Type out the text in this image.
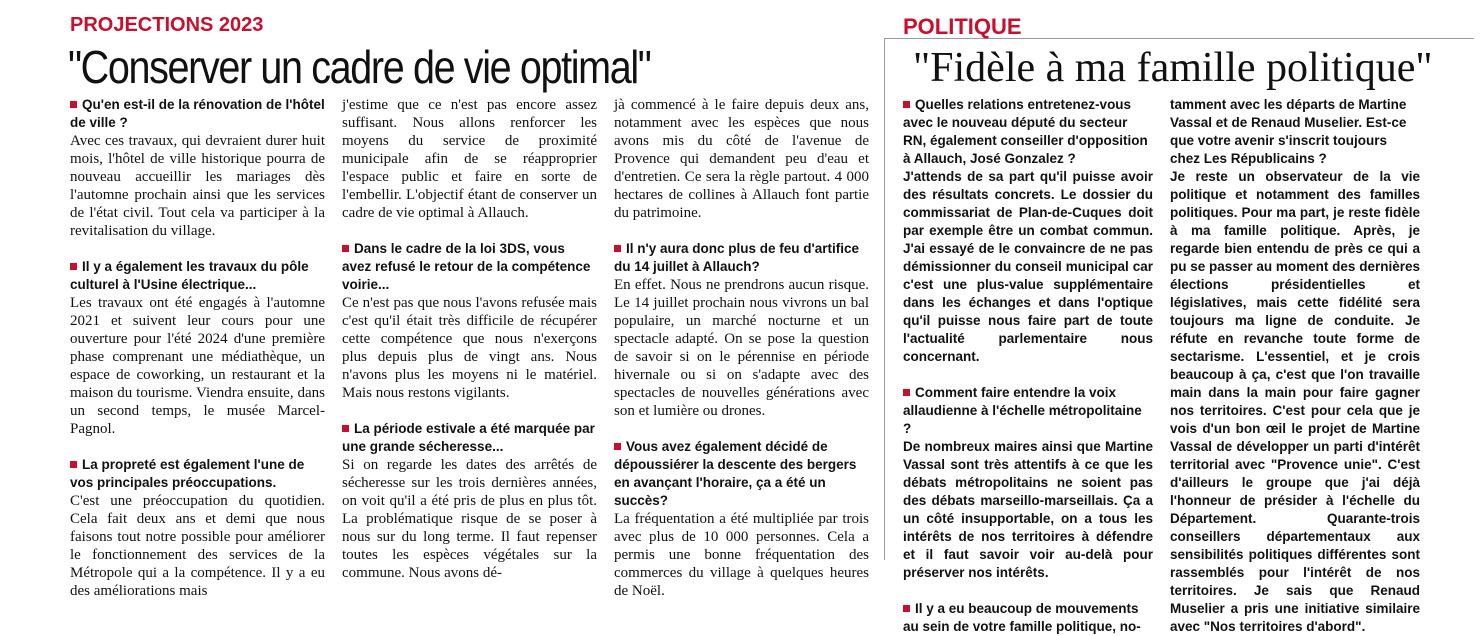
PROJECTIONS 2023
"Conserver un cadre de vie optimal"

Qu'en est-il de la rénovation de l'hôtel de ville ?

Avec ces travaux, qui devraient durer huit mois, l'hôtel de ville historique pourra de nouveau accueillir les mariages dès l'automne prochain ainsi que les services de l'état civil. Tout cela va participer à la revitalisation du village.

Il y a également les travaux du pôle culturel à l'Usine électrique...

Les travaux ont été engagés à l'automne 2021 et suivent leur cours pour une ouverture pour l'été 2024 d'une première phase comprenant une médiathèque, un espace de coworking, un restaurant et la maison du tourisme. Viendra ensuite, dans un second temps, le musée Marcel-Pagnol.

La propreté est également l'une de vos principales préoccupations.

C'est une préoccupation du quotidien. Cela fait deux ans et demi que nous faisons tout notre possible pour améliorer le fonctionnement des services de la Métropole qui a la compétence. Il y a eu des améliorations mais

j'estime que ce n'est pas encore assez suffisant. Nous allons renforcer les moyens du service de proximité municipale afin de se réapproprier l'espace public et faire en sorte de l'embellir. L'objectif étant de conserver un cadre de vie optimal à Allauch.

Dans le cadre de la loi 3DS, vous avez refusé le retour de la compétence voirie...

Ce n'est pas que nous l'avons refusée mais c'est qu'il était très difficile de récupérer cette compétence que nous n'exerçons plus depuis plus de vingt ans. Nous n'avons plus les moyens ni le matériel. Mais nous restons vigilants.

La période estivale a été marquée par une grande sécheresse...

Si on regarde les dates des arrêtés de sécheresse sur les trois dernières années, on voit qu'il a été pris de plus en plus tôt. La problématique risque de se poser à nous sur du long terme. Il faut repenser toutes les espèces végétales sur la commune. Nous avons dé-

jà commencé à le faire depuis deux ans, notamment avec les espèces que nous avons mis du côté de l'avenue de Provence qui demandent peu d'eau et d'entretien. Ce sera la règle partout. 4 000 hectares de collines à Allauch font partie du patrimoine.

Il n'y aura donc plus de feu d'artifice du 14 juillet à Allauch?

En effet. Nous ne prendrons aucun risque. Le 14 juillet prochain nous vivrons un bal populaire, un marché nocturne et un spectacle adapté. On se pose la question de savoir si on le pérennise en période hivernale ou si on s'adapte avec des spectacles de nouvelles générations avec son et lumière ou drones.

Vous avez également décidé de dépoussiérer la descente des bergers en avançant l'horaire, ça a été un succès?

La fréquentation a été multipliée par trois avec plus de 10 000 personnes. Cela a permis une bonne fréquentation des commerces du village à quelques heures de Noël.

POLITIQUE
"Fidèle à ma famille politique"

Quelles relations entretenez-vous avec le nouveau député du secteur RN, également conseiller d'opposition à Allauch, José Gonzalez ?

J'attends de sa part qu'il puisse avoir des résultats concrets. Le dossier du commissariat de Plan-de-Cuques doit par exemple être un combat commun. J'ai essayé de le convaincre de ne pas démissionner du conseil municipal car c'est une plus-value supplémentaire dans les échanges et dans l'optique qu'il puisse nous faire part de toute l'actualité parlementaire nous concernant.

Comment faire entendre la voix allaudienne à l'échelle métropolitaine ?

De nombreux maires ainsi que Martine Vassal sont très attentifs à ce que les débats métropolitains ne soient pas des débats marseillo-marseillais. Ça a un côté insupportable, on a tous les intérêts de nos territoires à défendre et il faut savoir voir au-delà pour préserver nos intérêts.

Il y a eu beaucoup de mouvements au sein de votre famille politique, no-

tamment avec les départs de Martine Vassal et de Renaud Muselier. Est-ce que votre avenir s'inscrit toujours chez Les Républicains ?

Je reste un observateur de la vie politique et notamment des familles politiques. Pour ma part, je reste fidèle à ma famille politique. Après, je regarde bien entendu de près ce qui a pu se passer au moment des dernières élections présidentielles et législatives, mais cette fidélité sera toujours ma ligne de conduite. Je réfute en revanche toute forme de sectarisme. L'essentiel, et je crois beaucoup à ça, c'est que l'on travaille main dans la main pour faire gagner nos territoires. C'est pour cela que je vois d'un bon œil le projet de Martine Vassal de développer un parti d'intérêt territorial avec "Provence unie". C'est d'ailleurs le groupe que j'ai déjà l'honneur de présider à l'échelle du Département. Quarante-trois conseillers départementaux aux sensibilités politiques différentes sont rassemblés pour l'intérêt de nos territoires. Je sais que Renaud Muselier a pris une initiative similaire avec "Nos territoires d'abord".
